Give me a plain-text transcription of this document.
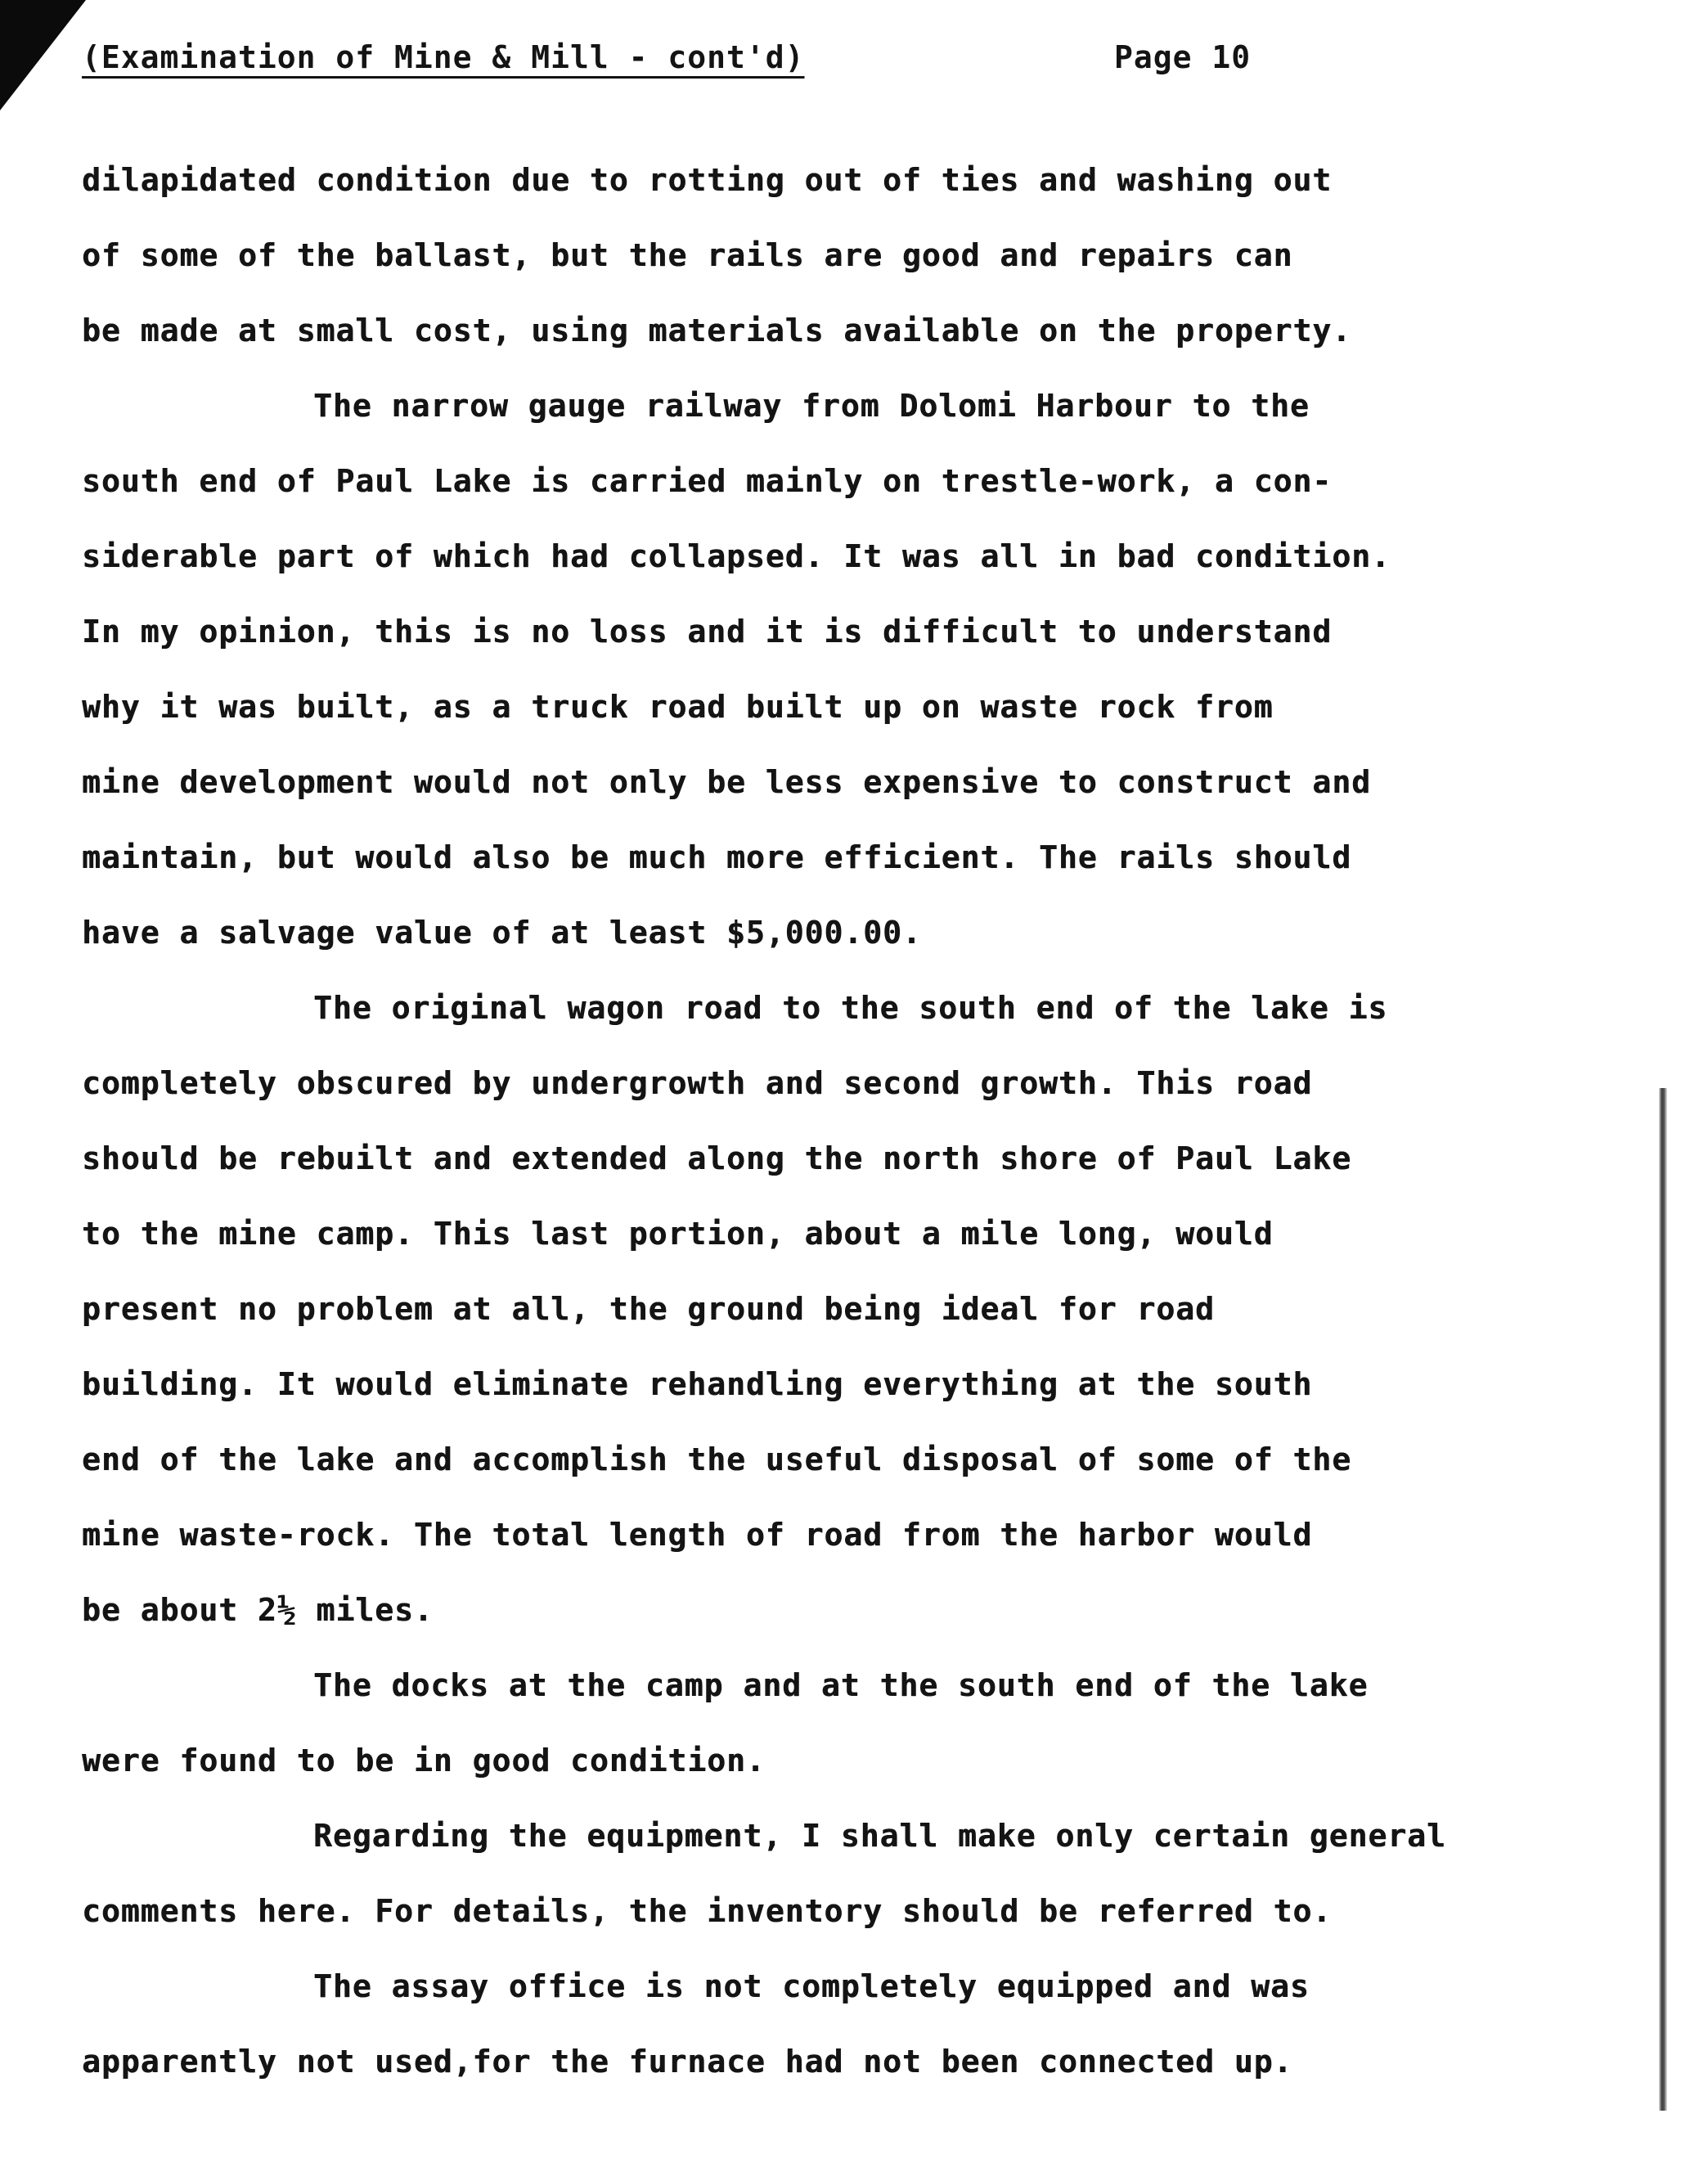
(Examination of Mine & Mill - cont'd)	Page 10
dilapidated condition due to rotting out of ties and washing out
of some of the ballast, but the rails are good and repairs can
be made at small cost, using materials available on the property.
The narrow gauge railway from Dolomi Harbour to the
south end of Paul Lake is carried mainly on trestle-work, a con-
siderable part of which had collapsed. It was all in bad condition.
In my opinion, this is no loss and it is difficult to understand
why it was built, as a truck road built up on waste rock from
mine development would not only be less expensive to construct and
maintain, but would also be much more efficient. The rails should
have a salvage value of at least $5,000.00.
The original wagon road to the south end of the lake is
completely obscured by undergrowth and second growth. This road
should be rebuilt and extended along the north shore of Paul Lake
to the mine camp. This last portion, about a mile long, would
present no problem at all, the ground being ideal for road
building. It would eliminate rehandling everything at the south
end of the lake and accomplish the useful disposal of some of the
mine waste-rock. The total length of road from the harbor would
be about 2½ miles.
The docks at the camp and at the south end of the lake
were found to be in good condition.
Regarding the equipment, I shall make only certain general
comments here. For details, the inventory should be referred to.
The assay office is not completely equipped and was
apparently not used,for the furnace had not been connected up.
